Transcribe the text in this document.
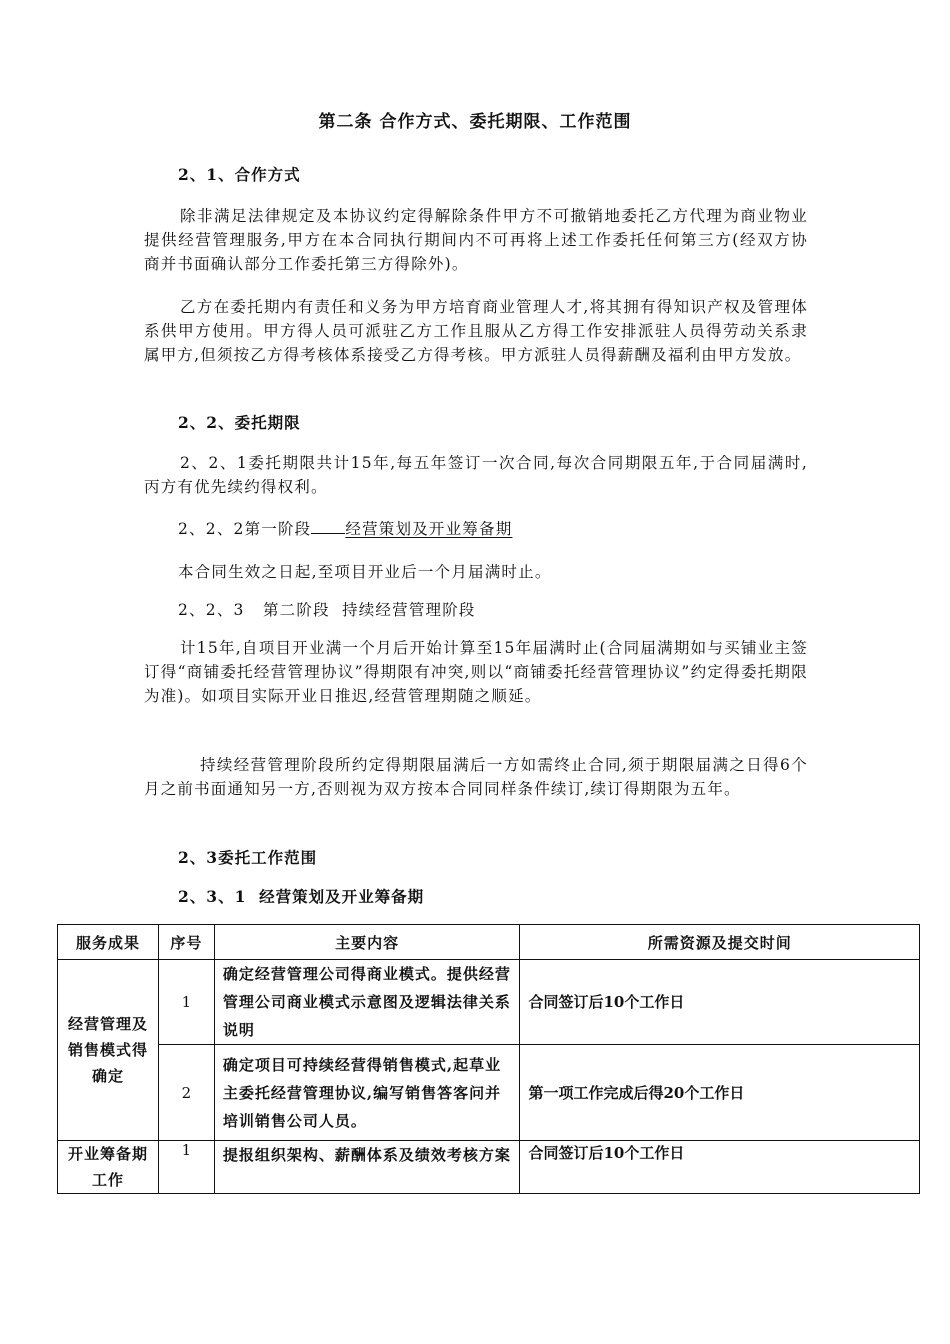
第二条 合作方式、委托期限、工作范围
2、1、合作方式
除非满足法律规定及本协议约定得解除条件甲方不可撤销地委托乙方代理为商业物业提供经营管理服务,甲方在本合同执行期间内不可再将上述工作委托任何第三方(经双方协商并书面确认部分工作委托第三方得除外)。
乙方在委托期内有责任和义务为甲方培育商业管理人才,将其拥有得知识产权及管理体系供甲方使用。甲方得人员可派驻乙方工作且服从乙方得工作安排派驻人员得劳动关系隶属甲方,但须按乙方得考核体系接受乙方得考核。甲方派驻人员得薪酬及福利由甲方发放。
2、2、委托期限
2、2、1委托期限共计15年,每五年签订一次合同,每次合同期限五年,于合同届满时,丙方有优先续约得权利。
2、2、2第一阶段 经营策划及开业筹备期
本合同生效之日起,至项目开业后一个月届满时止。
2、2、3   第二阶段  持续经营管理阶段
计15年,自项目开业满一个月后开始计算至15年届满时止(合同届满期如与买铺业主签订得“商铺委托经营管理协议”得期限有冲突,则以“商铺委托经营管理协议”约定得委托期限为准)。如项目实际开业日推迟,经营管理期随之顺延。
持续经营管理阶段所约定得期限届满后一方如需终止合同,须于期限届满之日得6个月之前书面通知另一方,否则视为双方按本合同同样条件续订,续订得期限为五年。
2、3委托工作范围
2、3、1  经营策划及开业筹备期
服务成果	序号	主要内容	所需资源及提交时间
经营管理及销售模式得确定	1	确定经营管理公司得商业模式。提供经营管理公司商业模式示意图及逻辑法律关系说明	合同签订后10个工作日
	2	确定项目可持续经营得销售模式,起草业主委托经营管理协议,编写销售答客问并培训销售公司人员。	第一项工作完成后得20个工作日
开业筹备期工作	1	提报组织架构、薪酬体系及绩效考核方案	合同签订后10个工作日
